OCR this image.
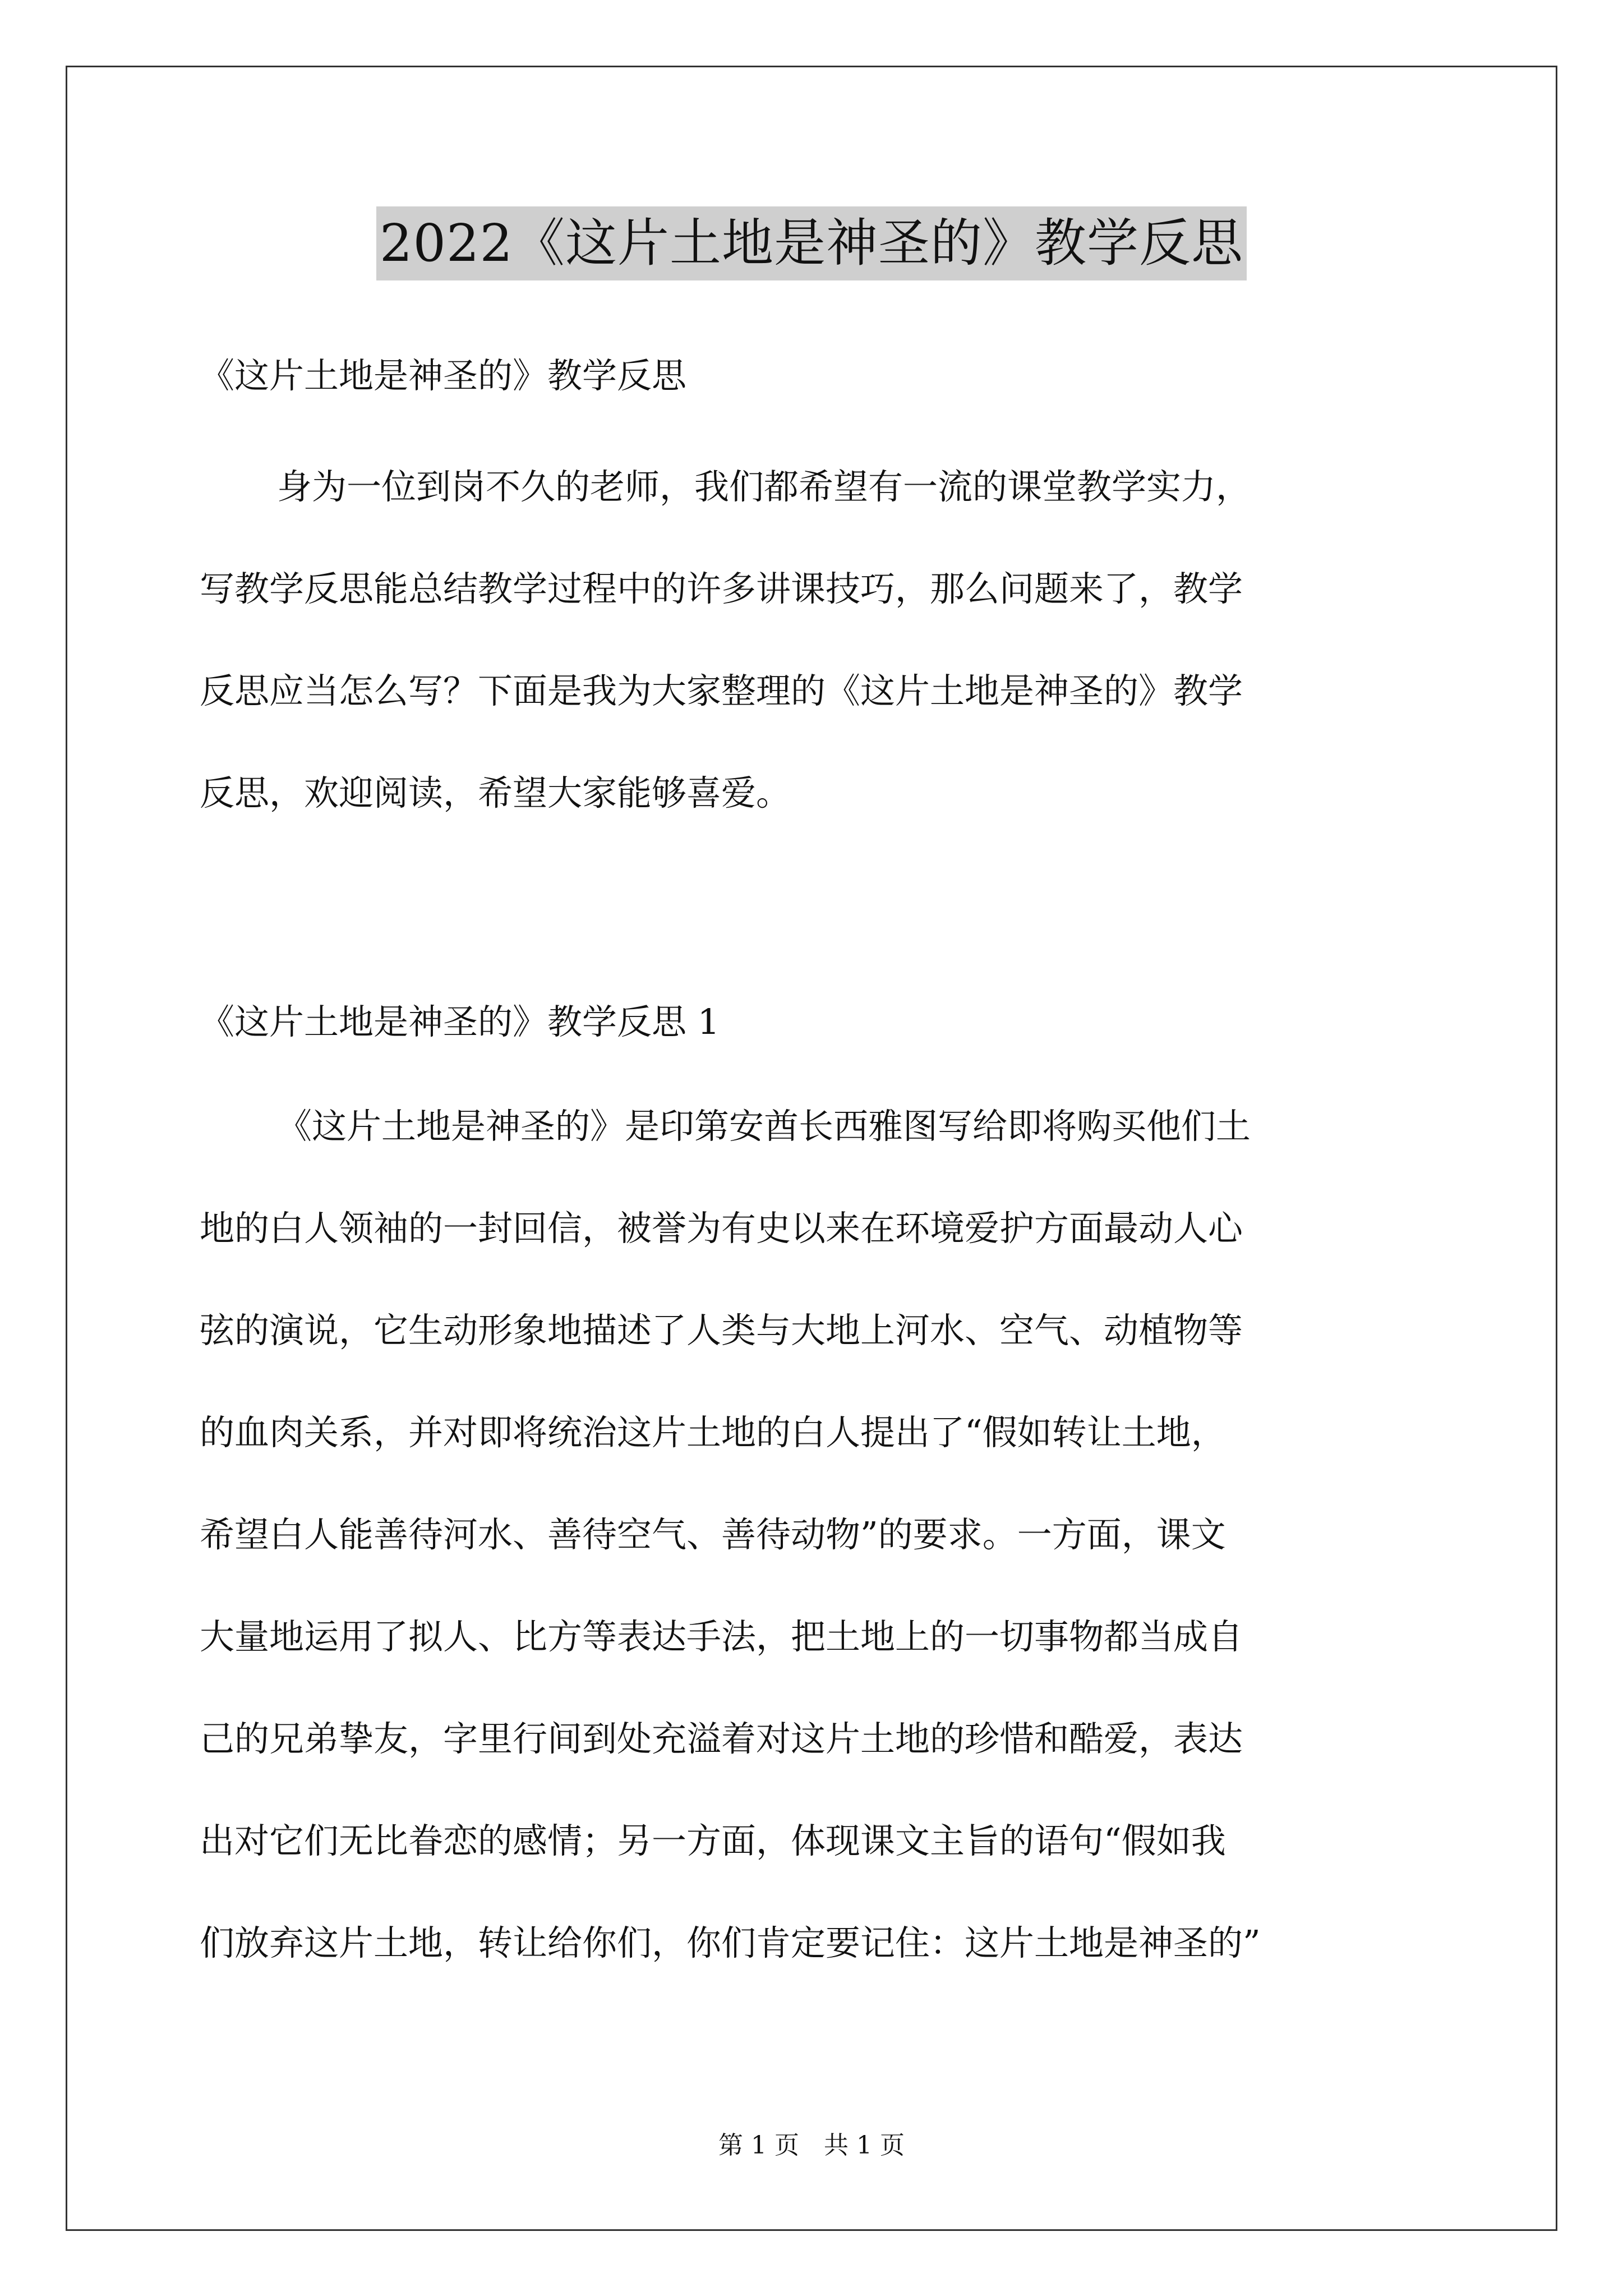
2022《这片土地是神圣的》教学反思
《这片土地是神圣的》教学反思
身为一位到岗不久的老师，我们都希望有一流的课堂教学实力，
写教学反思能总结教学过程中的许多讲课技巧，那么问题来了，教学
反思应当怎么写？下面是我为大家整理的《这片土地是神圣的》教学
反思，欢迎阅读，希望大家能够喜爱。
《这片土地是神圣的》教学反思 1
《这片土地是神圣的》是印第安酋长西雅图写给即将购买他们土
地的白人领袖的一封回信，被誉为有史以来在环境爱护方面最动人心
弦的演说，它生动形象地描述了人类与大地上河水、空气、动植物等
的血肉关系，并对即将统治这片土地的白人提出了“假如转让土地，
希望白人能善待河水、善待空气、善待动物”的要求。一方面，课文
大量地运用了拟人、比方等表达手法，把土地上的一切事物都当成自
己的兄弟挚友，字里行间到处充溢着对这片土地的珍惜和酷爱，表达
出对它们无比眷恋的感情；另一方面，体现课文主旨的语句“假如我
们放弃这片土地，转让给你们，你们肯定要记住：这片土地是神圣的”
第 1 页　共 1 页
